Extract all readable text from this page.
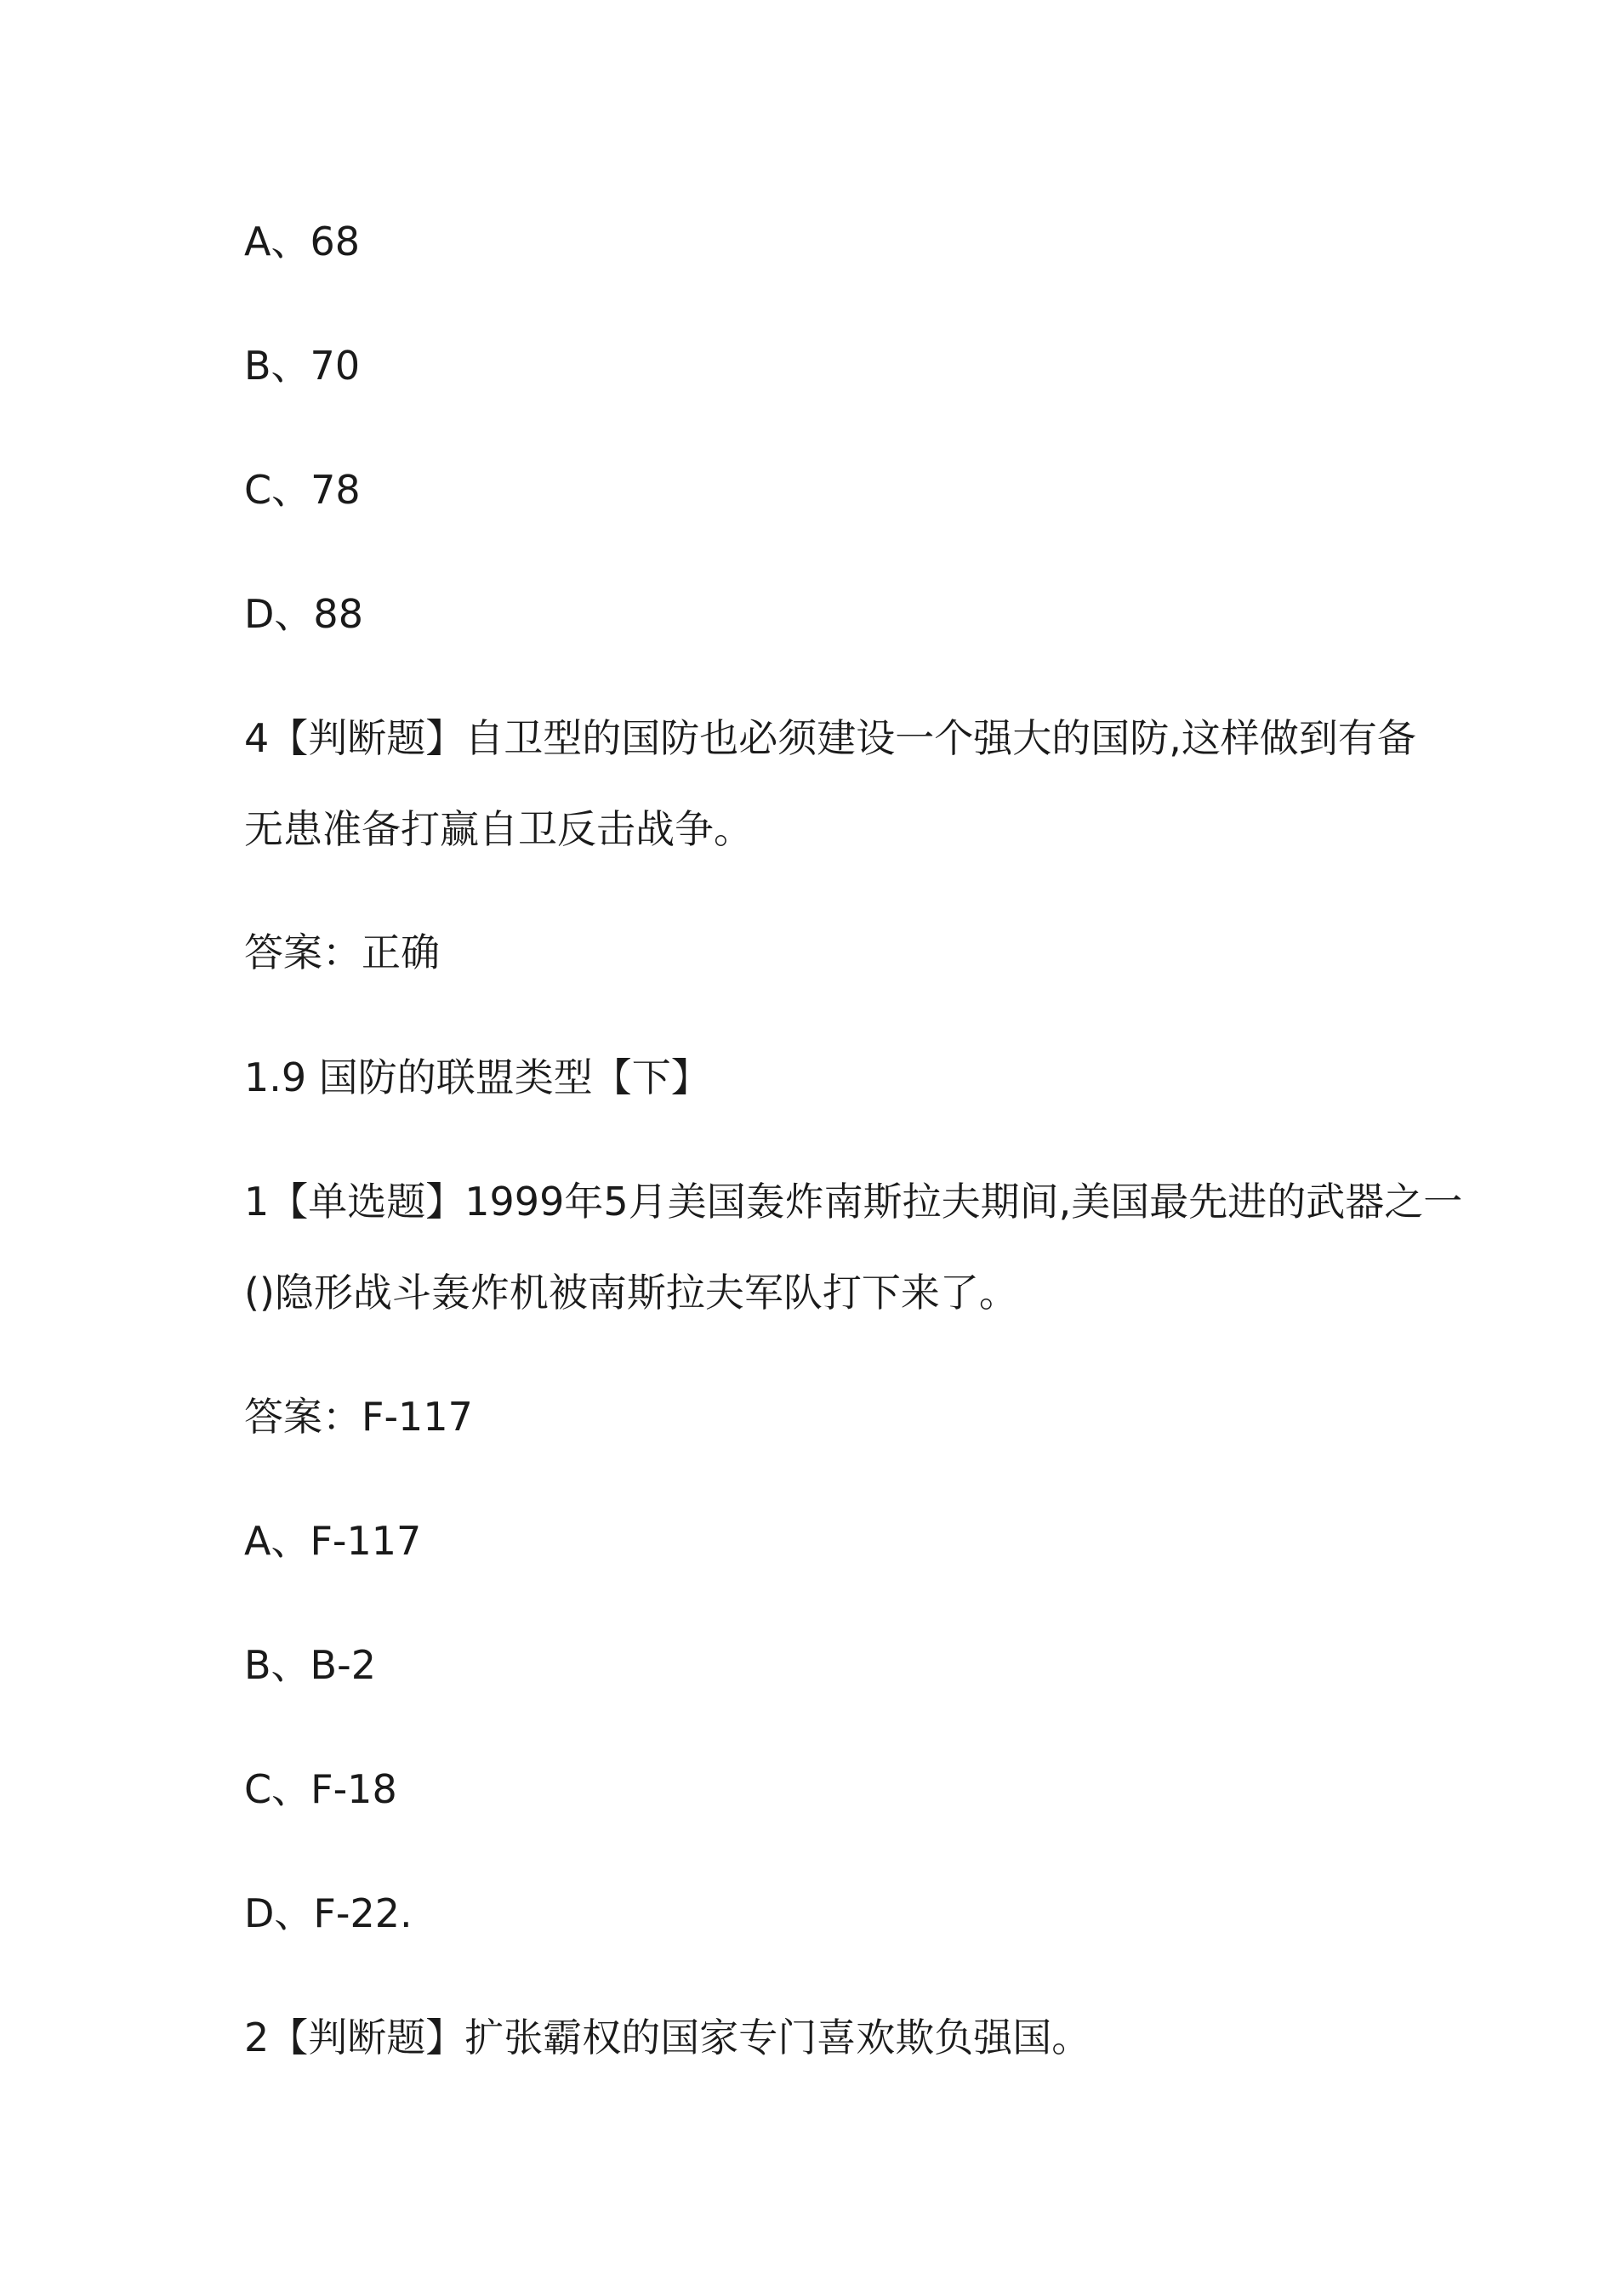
A、68
B、70
C、78
D、88
4【判断题】自卫型的国防也必须建设一个强大的国防,这样做到有备
无患准备打赢自卫反击战争。
答案：正确
1.9 国防的联盟类型【下】
1【单选题】1999年5月美国轰炸南斯拉夫期间,美国最先进的武器之一
()隐形战斗轰炸机被南斯拉夫军队打下来了。
答案：F-117
A、F-117
B、B-2
C、F-18
D、F-22.
2【判断题】扩张霸权的国家专门喜欢欺负强国。
